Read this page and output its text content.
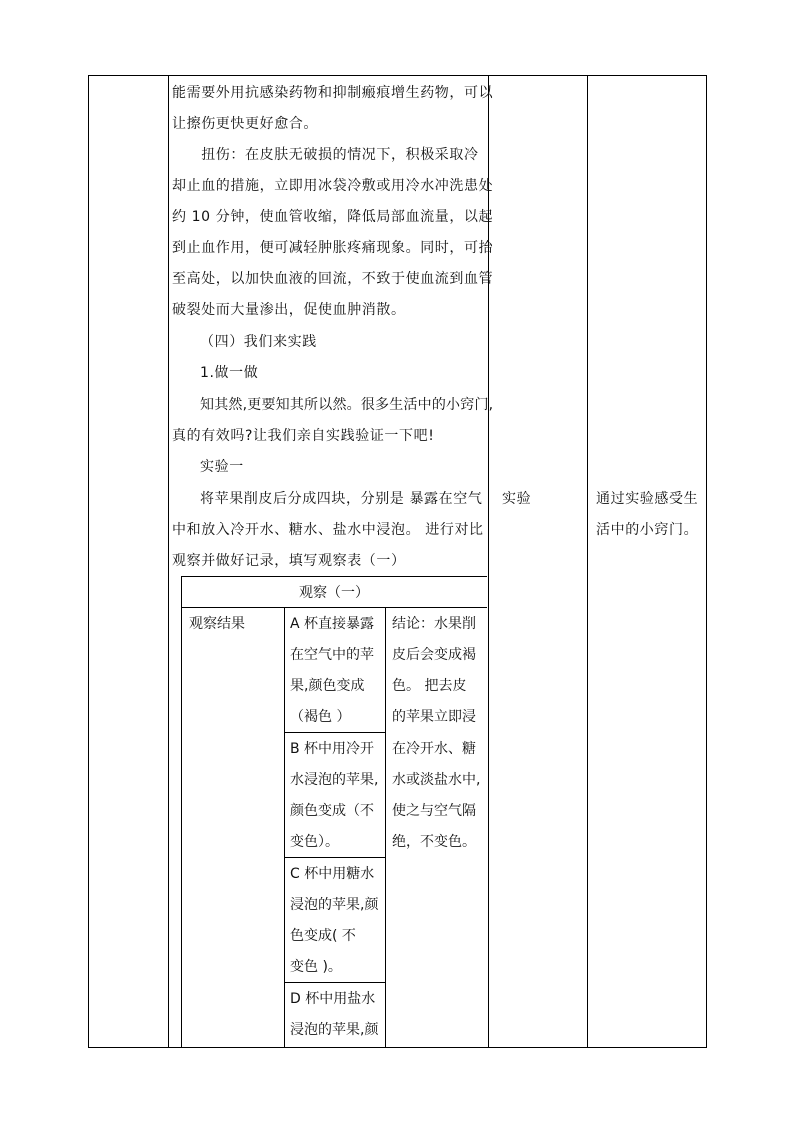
能需要外用抗感染药物和抑制瘢痕增生药物，可以
让擦伤更快更好愈合。
　　扭伤：在皮肤无破损的情况下，积极采取冷
却止血的措施，立即用冰袋冷敷或用冷水冲洗患处
约 10 分钟，使血管收缩，降低局部血流量，以起
到止血作用，便可减轻肿胀疼痛现象。同时，可抬
至高处，以加快血液的回流，不致于使血流到血管
破裂处而大量渗出，促使血肿消散。
（四）我们来实践
1.做一做
知其然,更要知其所以然。很多生活中的小窍门,
真的有效吗?让我们亲自实践验证一下吧!
实验一
将苹果削皮后分成四块，分别是 暴露在空气
中和放入冷开水、糖水、盐水中浸泡。 进行对比
观察并做好记录，填写观察表（一）
实验	通过实验感受生
活中的小窍门。
观察（一）
观察结果	A 杯直接暴露
在空气中的苹
果,颜色变成
（褐色 ）
B 杯中用冷开
水浸泡的苹果,
颜色变成（不
变色）。
C 杯中用糖水
浸泡的苹果,颜
色变成( 不
变色 )。
D 杯中用盐水
浸泡的苹果,颜
结论：水果削
皮后会变成褐
色。 把去皮
的苹果立即浸
在冷开水、糖
水或淡盐水中,
使之与空气隔
绝，不变色。
